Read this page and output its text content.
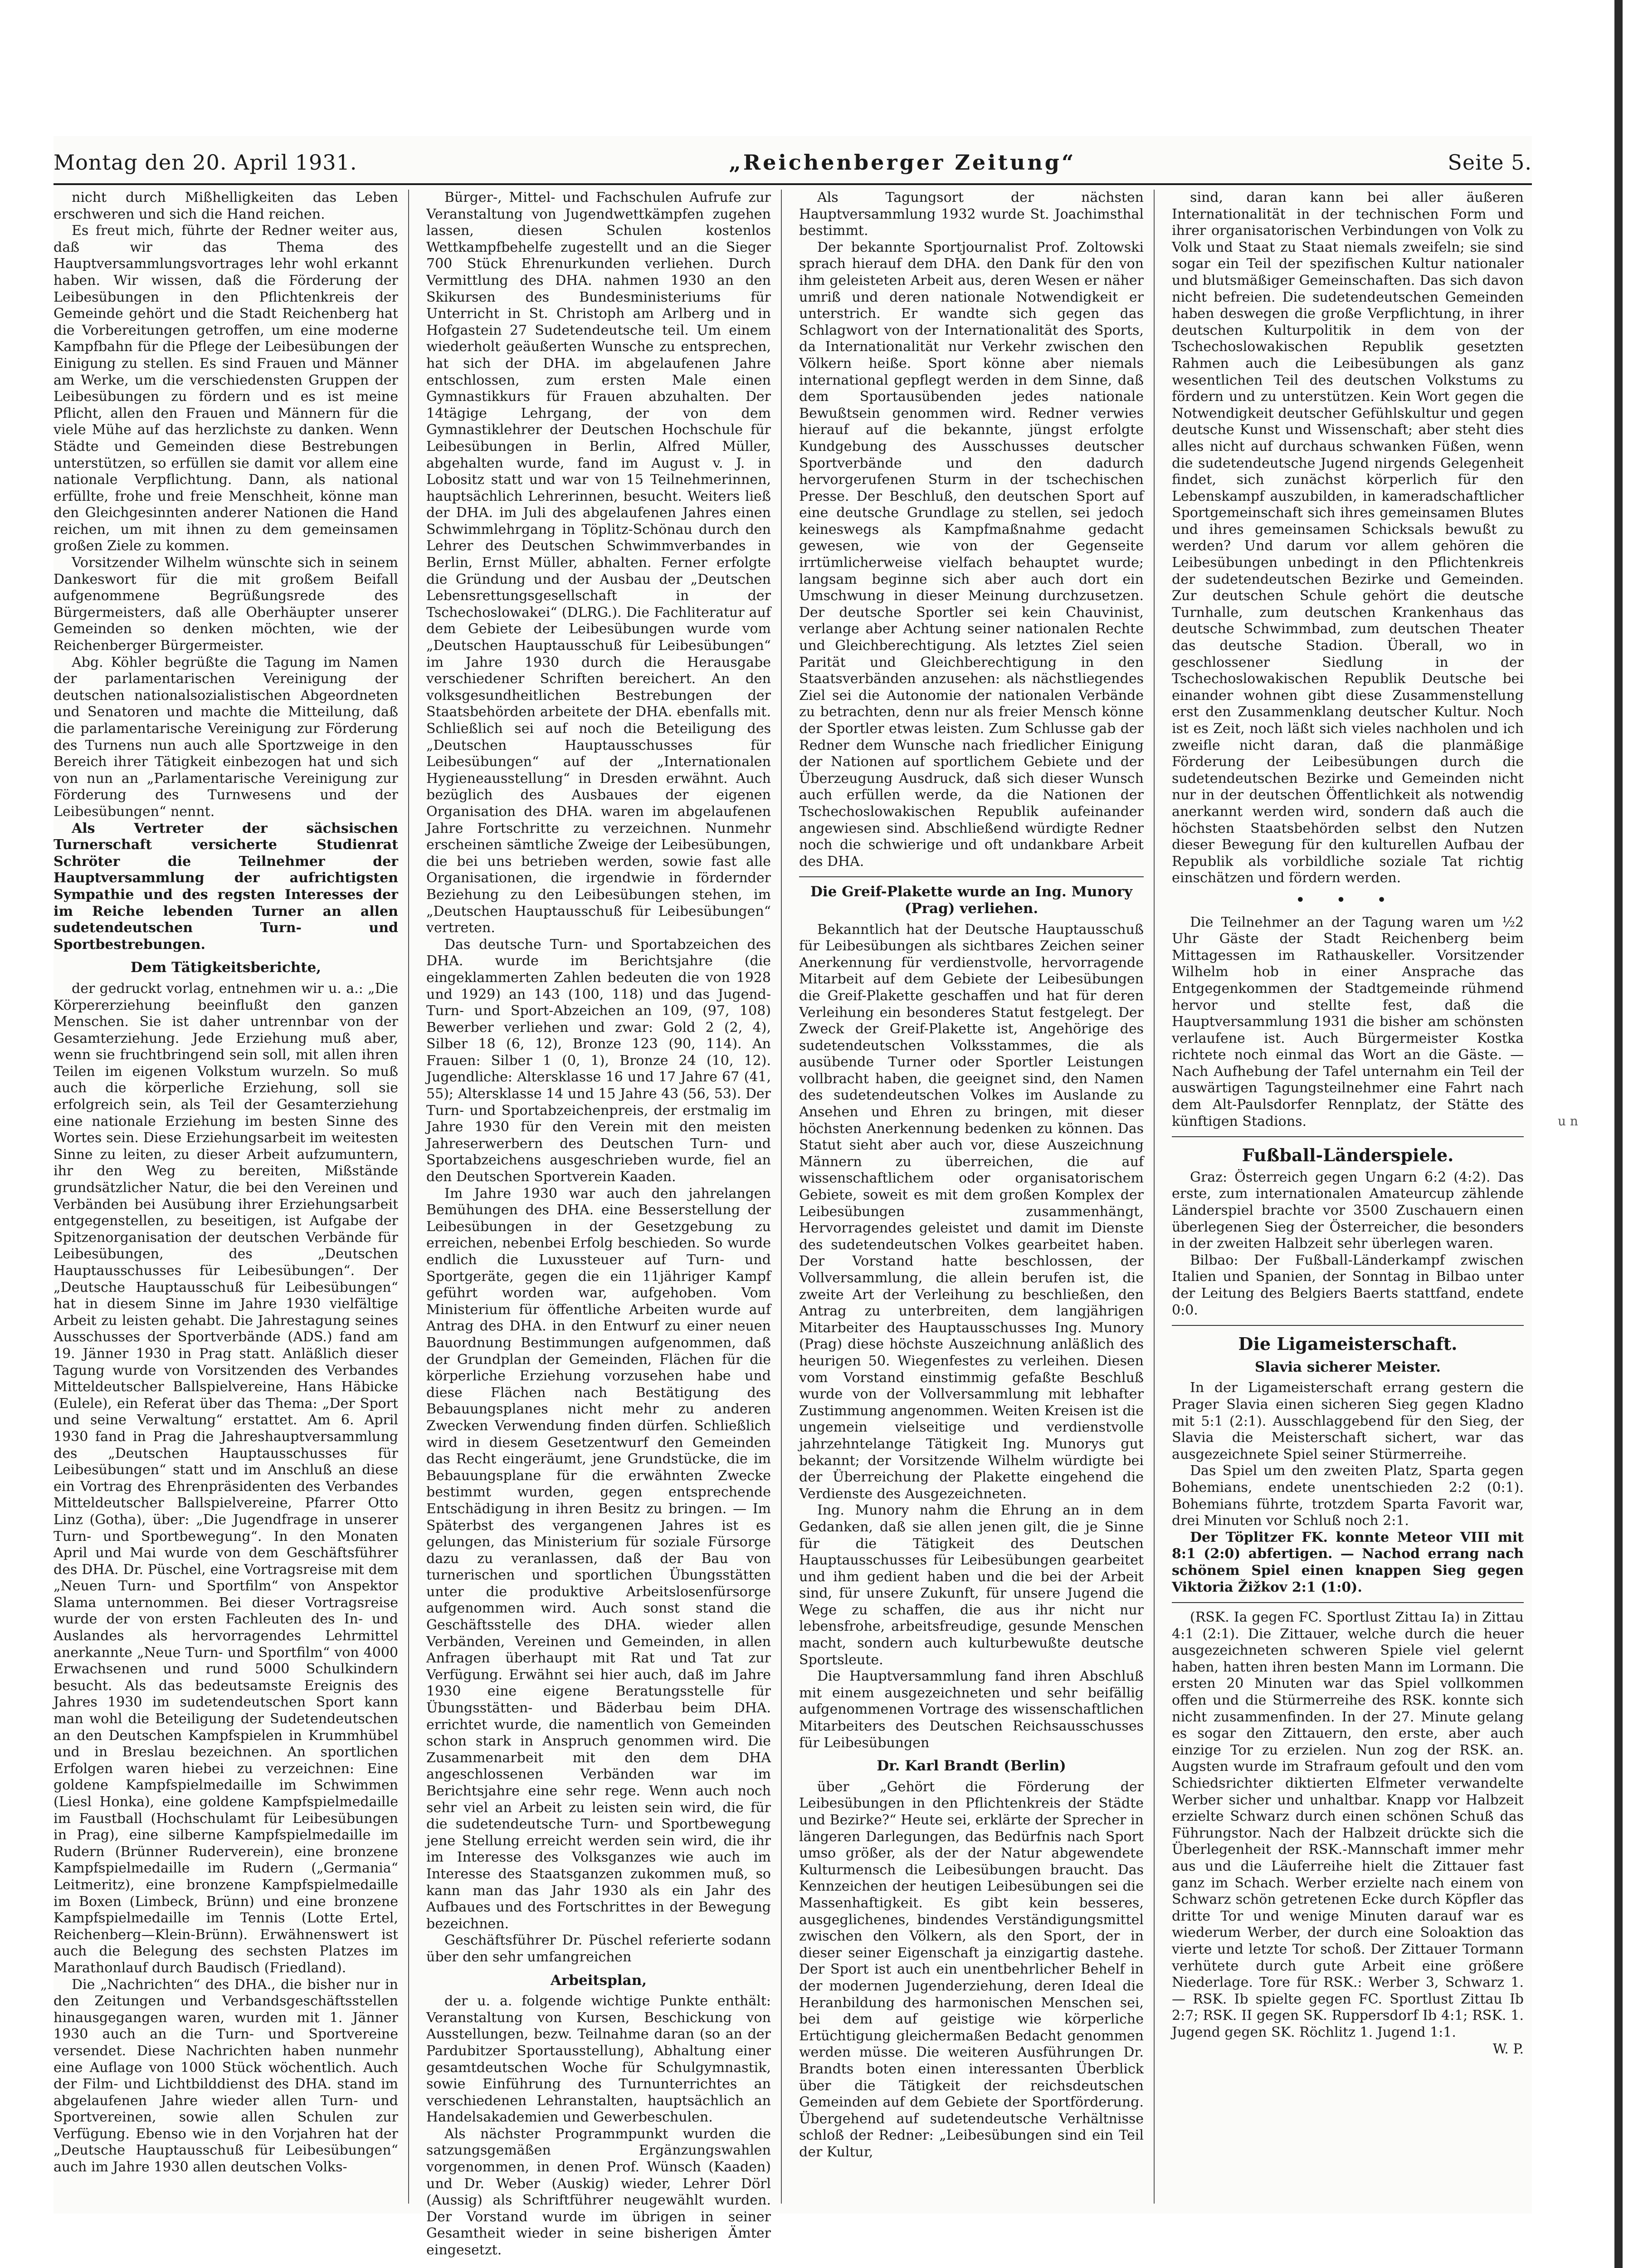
Montag den 20. April 1931.	„Reichenberger Zeitung“	Seite 5.

nicht durch Mißhelligkeiten das Leben erschweren und sich die Hand reichen.

Es freut mich, führte der Redner weiter aus, daß wir das Thema des Hauptversammlungsvortrages lehr wohl erkannt haben. Wir wissen, daß die Förderung der Leibesübungen in den Pflichtenkreis der Gemeinde gehört und die Stadt Reichenberg hat die Vorbereitungen getroffen, um eine moderne Kampfbahn für die Pflege der Leibesübungen der Einigung zu stellen. Es sind Frauen und Männer am Werke, um die verschiedensten Gruppen der Leibesübungen zu fördern und es ist meine Pflicht, allen den Frauen und Männern für die viele Mühe auf das herzlichste zu danken. Wenn Städte und Gemeinden diese Bestrebungen unterstützen, so erfüllen sie damit vor allem eine nationale Verpflichtung. Dann, als national erfüllte, frohe und freie Menschheit, könne man den Gleichgesinnten anderer Nationen die Hand reichen, um mit ihnen zu dem gemeinsamen großen Ziele zu kommen.

Vorsitzender Wilhelm wünschte sich in seinem Dankeswort für die mit großem Beifall aufgenommene Begrüßungsrede des Bürgermeisters, daß alle Oberhäupter unserer Gemeinden so denken möchten, wie der Reichenberger Bürgermeister.

Abg. Köhler begrüßte die Tagung im Namen der parlamentarischen Vereinigung der deutschen nationalsozialistischen Abgeordneten und Senatoren und machte die Mitteilung, daß die parlamentarische Vereinigung zur Förderung des Turnens nun auch alle Sportzweige in den Bereich ihrer Tätigkeit einbezogen hat und sich von nun an „Parlamentarische Vereinigung zur Förderung des Turnwesens und der Leibesübungen“ nennt.

Als Vertreter der sächsischen Turnerschaft versicherte Studienrat Schröter die Teilnehmer der Hauptversammlung der aufrichtigsten Sympathie und des regsten Interesses der im Reiche lebenden Turner an allen sudetendeutschen Turn- und Sportbestrebungen.

Dem Tätigkeitsberichte,

der gedruckt vorlag, entnehmen wir u. a.: „Die Körpererziehung beeinflußt den ganzen Menschen. Sie ist daher untrennbar von der Gesamterziehung. Jede Erziehung muß aber, wenn sie fruchtbringend sein soll, mit allen ihren Teilen im eigenen Volkstum wurzeln. So muß auch die körperliche Erziehung, soll sie erfolgreich sein, als Teil der Gesamterziehung eine nationale Erziehung im besten Sinne des Wortes sein. Diese Erziehungsarbeit im weitesten Sinne zu leiten, zu dieser Arbeit aufzumuntern, ihr den Weg zu bereiten, Mißstände grundsätzlicher Natur, die bei den Vereinen und Verbänden bei Ausübung ihrer Erziehungsarbeit entgegenstellen, zu beseitigen, ist Aufgabe der Spitzenorganisation der deutschen Verbände für Leibesübungen, des „Deutschen Hauptausschusses für Leibesübungen“. Der „Deutsche Hauptausschuß für Leibesübungen“ hat in diesem Sinne im Jahre 1930 vielfältige Arbeit zu leisten gehabt. Die Jahrestagung seines Ausschusses der Sportverbände (ADS.) fand am 19. Jänner 1930 in Prag statt. Anläßlich dieser Tagung wurde von Vorsitzenden des Verbandes Mitteldeutscher Ballspielvereine, Hans Häbicke (Eulele), ein Referat über das Thema: „Der Sport und seine Verwaltung“ erstattet. Am 6. April 1930 fand in Prag die Jahreshauptversammlung des „Deutschen Hauptausschusses für Leibesübungen“ statt und im Anschluß an diese ein Vortrag des Ehrenpräsidenten des Verbandes Mitteldeutscher Ballspielvereine, Pfarrer Otto Linz (Gotha), über: „Die Jugendfrage in unserer Turn- und Sportbewegung“. In den Monaten April und Mai wurde von dem Geschäftsführer des DHA. Dr. Püschel, eine Vortragsreise mit dem „Neuen Turn- und Sportfilm“ von Anspektor Slama unternommen. Bei dieser Vortragsreise wurde der von ersten Fachleuten des In- und Auslandes als hervorragendes Lehrmittel anerkannte „Neue Turn- und Sportfilm“ von 4000 Erwachsenen und rund 5000 Schulkindern besucht. Als das bedeutsamste Ereignis des Jahres 1930 im sudetendeutschen Sport kann man wohl die Beteiligung der Sudetendeutschen an den Deutschen Kampfspielen in Krummhübel und in Breslau bezeichnen. An sportlichen Erfolgen waren hiebei zu verzeichnen: Eine goldene Kampfspielmedaille im Schwimmen (Liesl Honka), eine goldene Kampfspielmedaille im Faustball (Hochschulamt für Leibesübungen in Prag), eine silberne Kampfspielmedaille im Rudern (Brünner Ruderverein), eine bronzene Kampfspielmedaille im Rudern („Germania“ Leitmeritz), eine bronzene Kampfspielmedaille im Boxen (Limbeck, Brünn) und eine bronzene Kampfspielmedaille im Tennis (Lotte Ertel, Reichenberg—Klein-Brünn). Erwähnenswert ist auch die Belegung des sechsten Platzes im Marathonlauf durch Baudisch (Friedland).

Die „Nachrichten“ des DHA., die bisher nur in den Zeitungen und Verbandsgeschäftsstellen hinausgegangen waren, wurden mit 1. Jänner 1930 auch an die Turn- und Sportvereine versendet. Diese Nachrichten haben nunmehr eine Auflage von 1000 Stück wöchentlich. Auch der Film- und Lichtbilddienst des DHA. stand im abgelaufenen Jahre wieder allen Turn- und Sportvereinen, sowie allen Schulen zur Verfügung. Ebenso wie in den Vorjahren hat der „Deutsche Hauptausschuß für Leibesübungen“ auch im Jahre 1930 allen deutschen Volks-

Bürger-, Mittel- und Fachschulen Aufrufe zur Veranstaltung von Jugendwettkämpfen zugehen lassen, diesen Schulen kostenlos Wettkampfbehelfe zugestellt und an die Sieger 700 Stück Ehrenurkunden verliehen. Durch Vermittlung des DHA. nahmen 1930 an den Skikursen des Bundesministeriums für Unterricht in St. Christoph am Arlberg und in Hofgastein 27 Sudetendeutsche teil. Um einem wiederholt geäußerten Wunsche zu entsprechen, hat sich der DHA. im abgelaufenen Jahre entschlossen, zum ersten Male einen Gymnastikkurs für Frauen abzuhalten. Der 14tägige Lehrgang, der von dem Gymnastiklehrer der Deutschen Hochschule für Leibesübungen in Berlin, Alfred Müller, abgehalten wurde, fand im August v. J. in Lobositz statt und war von 15 Teilnehmerinnen, hauptsächlich Lehrerinnen, besucht. Weiters ließ der DHA. im Juli des abgelaufenen Jahres einen Schwimmlehrgang in Töplitz-Schönau durch den Lehrer des Deutschen Schwimmverbandes in Berlin, Ernst Müller, abhalten. Ferner erfolgte die Gründung und der Ausbau der „Deutschen Lebensrettungsgesellschaft in der Tschechoslowakei“ (DLRG.). Die Fachliteratur auf dem Gebiete der Leibesübungen wurde vom „Deutschen Hauptausschuß für Leibesübungen“ im Jahre 1930 durch die Herausgabe verschiedener Schriften bereichert. An den volksgesundheitlichen Bestrebungen der Staatsbehörden arbeitete der DHA. ebenfalls mit. Schließlich sei auf noch die Beteiligung des „Deutschen Hauptausschusses für Leibesübungen“ auf der „Internationalen Hygieneausstellung“ in Dresden erwähnt. Auch bezüglich des Ausbaues der eigenen Organisation des DHA. waren im abgelaufenen Jahre Fortschritte zu verzeichnen. Nunmehr erscheinen sämtliche Zweige der Leibesübungen, die bei uns betrieben werden, sowie fast alle Organisationen, die irgendwie in fördernder Beziehung zu den Leibesübungen stehen, im „Deutschen Hauptausschuß für Leibesübungen“ vertreten.

Das deutsche Turn- und Sportabzeichen des DHA. wurde im Berichtsjahre (die eingeklammerten Zahlen bedeuten die von 1928 und 1929) an 143 (100, 118) und das Jugend-Turn- und Sport-Abzeichen an 109, (97, 108) Bewerber verliehen und zwar: Gold 2 (2, 4), Silber 18 (6, 12), Bronze 123 (90, 114). An Frauen: Silber 1 (0, 1), Bronze 24 (10, 12). Jugendliche: Altersklasse 16 und 17 Jahre 67 (41, 55); Altersklasse 14 und 15 Jahre 43 (56, 53). Der Turn- und Sportabzeichenpreis, der erstmalig im Jahre 1930 für den Verein mit den meisten Jahreserwerbern des Deutschen Turn- und Sportabzeichens ausgeschrieben wurde, fiel an den Deutschen Sportverein Kaaden.

Im Jahre 1930 war auch den jahrelangen Bemühungen des DHA. eine Besserstellung der Leibesübungen in der Gesetzgebung zu erreichen, nebenbei Erfolg beschieden. So wurde endlich die Luxussteuer auf Turn- und Sportgeräte, gegen die ein 11jähriger Kampf geführt worden war, aufgehoben. Vom Ministerium für öffentliche Arbeiten wurde auf Antrag des DHA. in den Entwurf zu einer neuen Bauordnung Bestimmungen aufgenommen, daß der Grundplan der Gemeinden, Flächen für die körperliche Erziehung vorzusehen habe und diese Flächen nach Bestätigung des Bebauungsplanes nicht mehr zu anderen Zwecken Verwendung finden dürfen. Schließlich wird in diesem Gesetzentwurf den Gemeinden das Recht eingeräumt, jene Grundstücke, die im Bebauungsplane für die erwähnten Zwecke bestimmt wurden, gegen entsprechende Entschädigung in ihren Besitz zu bringen. — Im Späterbst des vergangenen Jahres ist es gelungen, das Ministerium für soziale Fürsorge dazu zu veranlassen, daß der Bau von turnerischen und sportlichen Übungsstätten unter die produktive Arbeitslosenfürsorge aufgenommen wird. Auch sonst stand die Geschäftsstelle des DHA. wieder allen Verbänden, Vereinen und Gemeinden, in allen Anfragen überhaupt mit Rat und Tat zur Verfügung. Erwähnt sei hier auch, daß im Jahre 1930 eine eigene Beratungsstelle für Übungsstätten- und Bäderbau beim DHA. errichtet wurde, die namentlich von Gemeinden schon stark in Anspruch genommen wird. Die Zusammenarbeit mit den dem DHA angeschlossenen Verbänden war im Berichtsjahre eine sehr rege. Wenn auch noch sehr viel an Arbeit zu leisten sein wird, die für die sudetendeutsche Turn- und Sportbewegung jene Stellung erreicht werden sein wird, die ihr im Interesse des Volksganzes wie auch im Interesse des Staatsganzen zukommen muß, so kann man das Jahr 1930 als ein Jahr des Aufbaues und des Fortschrittes in der Bewegung bezeichnen.

Geschäftsführer Dr. Püschel referierte sodann über den sehr umfangreichen

Arbeitsplan,

der u. a. folgende wichtige Punkte enthält: Veranstaltung von Kursen, Beschickung von Ausstellungen, bezw. Teilnahme daran (so an der Pardubitzer Sportausstellung), Abhaltung einer gesamtdeutschen Woche für Schulgymnastik, sowie Einführung des Turnunterrichtes an verschiedenen Lehranstalten, hauptsächlich an Handelsakademien und Gewerbeschulen.

Als nächster Programmpunkt wurden die satzungsgemäßen Ergänzungswahlen vorgenommen, in denen Prof. Wünsch (Kaaden) und Dr. Weber (Auskig) wieder, Lehrer Dörl (Aussig) als Schriftführer neugewählt wurden. Der Vorstand wurde im übrigen in seiner Gesamtheit wieder in seine bisherigen Ämter eingesetzt.

Als Tagungsort der nächsten Hauptversammlung 1932 wurde St. Joachimsthal bestimmt.

Der bekannte Sportjournalist Prof. Zoltowski sprach hierauf dem DHA. den Dank für den von ihm geleisteten Arbeit aus, deren Wesen er näher umriß und deren nationale Notwendigkeit er unterstrich. Er wandte sich gegen das Schlagwort von der Internationalität des Sports, da Internationalität nur Verkehr zwischen den Völkern heiße. Sport könne aber niemals international gepflegt werden in dem Sinne, daß dem Sportausübenden jedes nationale Bewußtsein genommen wird. Redner verwies hierauf auf die bekannte, jüngst erfolgte Kundgebung des Ausschusses deutscher Sportverbände und den dadurch hervorgerufenen Sturm in der tschechischen Presse. Der Beschluß, den deutschen Sport auf eine deutsche Grundlage zu stellen, sei jedoch keineswegs als Kampfmaßnahme gedacht gewesen, wie von der Gegenseite irrtümlicherweise vielfach behauptet wurde; langsam beginne sich aber auch dort ein Umschwung in dieser Meinung durchzusetzen. Der deutsche Sportler sei kein Chauvinist, verlange aber Achtung seiner nationalen Rechte und Gleichberechtigung. Als letztes Ziel seien Parität und Gleichberechtigung in den Staatsverbänden anzusehen: als nächstliegendes Ziel sei die Autonomie der nationalen Verbände zu betrachten, denn nur als freier Mensch könne der Sportler etwas leisten. Zum Schlusse gab der Redner dem Wunsche nach friedlicher Einigung der Nationen auf sportlichem Gebiete und der Überzeugung Ausdruck, daß sich dieser Wunsch auch erfüllen werde, da die Nationen der Tschechoslowakischen Republik aufeinander angewiesen sind. Abschließend würdigte Redner noch die schwierige und oft undankbare Arbeit des DHA.

Die Greif-Plakette wurde an Ing. Munory (Prag) verliehen.

Bekanntlich hat der Deutsche Hauptausschuß für Leibesübungen als sichtbares Zeichen seiner Anerkennung für verdienstvolle, hervorragende Mitarbeit auf dem Gebiete der Leibesübungen die Greif-Plakette geschaffen und hat für deren Verleihung ein besonderes Statut festgelegt. Der Zweck der Greif-Plakette ist, Angehörige des sudetendeutschen Volksstammes, die als ausübende Turner oder Sportler Leistungen vollbracht haben, die geeignet sind, den Namen des sudetendeutschen Volkes im Auslande zu Ansehen und Ehren zu bringen, mit dieser höchsten Anerkennung bedenken zu können. Das Statut sieht aber auch vor, diese Auszeichnung Männern zu überreichen, die auf wissenschaftlichem oder organisatorischem Gebiete, soweit es mit dem großen Komplex der Leibesübungen zusammenhängt, Hervorragendes geleistet und damit im Dienste des sudetendeutschen Volkes gearbeitet haben. Der Vorstand hatte beschlossen, der Vollversammlung, die allein berufen ist, die zweite Art der Verleihung zu beschließen, den Antrag zu unterbreiten, dem langjährigen Mitarbeiter des Hauptausschusses Ing. Munory (Prag) diese höchste Auszeichnung anläßlich des heurigen 50. Wiegenfestes zu verleihen. Diesen vom Vorstand einstimmig gefaßte Beschluß wurde von der Vollversammlung mit lebhafter Zustimmung angenommen. Weiten Kreisen ist die ungemein vielseitige und verdienstvolle jahrzehntelange Tätigkeit Ing. Munorys gut bekannt; der Vorsitzende Wilhelm würdigte bei der Überreichung der Plakette eingehend die Verdienste des Ausgezeichneten.

Ing. Munory nahm die Ehrung an in dem Gedanken, daß sie allen jenen gilt, die je Sinne für die Tätigkeit des Deutschen Hauptausschusses für Leibesübungen gearbeitet und ihm gedient haben und die bei der Arbeit sind, für unsere Zukunft, für unsere Jugend die Wege zu schaffen, die aus ihr nicht nur lebensfrohe, arbeitsfreudige, gesunde Menschen macht, sondern auch kulturbewußte deutsche Sportsleute.

Die Hauptversammlung fand ihren Abschluß mit einem ausgezeichneten und sehr beifällig aufgenommenen Vortrage des wissenschaftlichen Mitarbeiters des Deutschen Reichsausschusses für Leibesübungen

Dr. Karl Brandt (Berlin)

über „Gehört die Förderung der Leibesübungen in den Pflichtenkreis der Städte und Bezirke?“ Heute sei, erklärte der Sprecher in längeren Darlegungen, das Bedürfnis nach Sport umso größer, als der der Natur abgewendete Kulturmensch die Leibesübungen braucht. Das Kennzeichen der heutigen Leibesübungen sei die Massenhaftigkeit. Es gibt kein besseres, ausgeglichenes, bindendes Verständigungsmittel zwischen den Völkern, als den Sport, der in dieser seiner Eigenschaft ja einzigartig dastehe. Der Sport ist auch ein unentbehrlicher Behelf in der modernen Jugenderziehung, deren Ideal die Heranbildung des harmonischen Menschen sei, bei dem auf geistige wie körperliche Ertüchtigung gleichermaßen Bedacht genommen werden müsse. Die weiteren Ausführungen Dr. Brandts boten einen interessanten Überblick über die Tätigkeit der reichsdeutschen Gemeinden auf dem Gebiete der Sportförderung. Übergehend auf sudetendeutsche Verhältnisse schloß der Redner: „Leibesübungen sind ein Teil der Kultur,

sind, daran kann bei aller äußeren Internationalität in der technischen Form und ihrer organisatorischen Verbindungen von Volk zu Volk und Staat zu Staat niemals zweifeln; sie sind sogar ein Teil der spezifischen Kultur nationaler und blutsmäßiger Gemeinschaften. Das sich davon nicht befreien. Die sudetendeutschen Gemeinden haben deswegen die große Verpflichtung, in ihrer deutschen Kulturpolitik in dem von der Tschechoslowakischen Republik gesetzten Rahmen auch die Leibesübungen als ganz wesentlichen Teil des deutschen Volkstums zu fördern und zu unterstützen. Kein Wort gegen die Notwendigkeit deutscher Gefühlskultur und gegen deutsche Kunst und Wissenschaft; aber steht dies alles nicht auf durchaus schwanken Füßen, wenn die sudetendeutsche Jugend nirgends Gelegenheit findet, sich zunächst körperlich für den Lebenskampf auszubilden, in kameradschaftlicher Sportgemeinschaft sich ihres gemeinsamen Blutes und ihres gemeinsamen Schicksals bewußt zu werden? Und darum vor allem gehören die Leibesübungen unbedingt in den Pflichtenkreis der sudetendeutschen Bezirke und Gemeinden. Zur deutschen Schule gehört die deutsche Turnhalle, zum deutschen Krankenhaus das deutsche Schwimmbad, zum deutschen Theater das deutsche Stadion. Überall, wo in geschlossener Siedlung in der Tschechoslowakischen Republik Deutsche bei einander wohnen gibt diese Zusammenstellung erst den Zusammenklang deutscher Kultur. Noch ist es Zeit, noch läßt sich vieles nachholen und ich zweifle nicht daran, daß die planmäßige Förderung der Leibesübungen durch die sudetendeutschen Bezirke und Gemeinden nicht nur in der deutschen Öffentlichkeit als notwendig anerkannt werden wird, sondern daß auch die höchsten Staatsbehörden selbst den Nutzen dieser Bewegung für den kulturellen Aufbau der Republik als vorbildliche soziale Tat richtig einschätzen und fördern werden.

• • •

Die Teilnehmer an der Tagung waren um ½2 Uhr Gäste der Stadt Reichenberg beim Mittagessen im Rathauskeller. Vorsitzender Wilhelm hob in einer Ansprache das Entgegenkommen der Stadtgemeinde rühmend hervor und stellte fest, daß die Hauptversammlung 1931 die bisher am schönsten verlaufene ist. Auch Bürgermeister Kostka richtete noch einmal das Wort an die Gäste. — Nach Aufhebung der Tafel unternahm ein Teil der auswärtigen Tagungsteilnehmer eine Fahrt nach dem Alt-Paulsdorfer Rennplatz, der Stätte des künftigen Stadions.

Fußball-Länderspiele.

Graz: Österreich gegen Ungarn 6:2 (4:2). Das erste, zum internationalen Amateurcup zählende Länderspiel brachte vor 3500 Zuschauern einen überlegenen Sieg der Österreicher, die besonders in der zweiten Halbzeit sehr überlegen waren.

Bilbao: Der Fußball-Länderkampf zwischen Italien und Spanien, der Sonntag in Bilbao unter der Leitung des Belgiers Baerts stattfand, endete 0:0.

Die Ligameisterschaft.

Slavia sicherer Meister.

In der Ligameisterschaft errang gestern die Prager Slavia einen sicheren Sieg gegen Kladno mit 5:1 (2:1). Ausschlaggebend für den Sieg, der Slavia die Meisterschaft sichert, war das ausgezeichnete Spiel seiner Stürmerreihe.

Das Spiel um den zweiten Platz, Sparta gegen Bohemians, endete unentschieden 2:2 (0:1). Bohemians führte, trotzdem Sparta Favorit war, drei Minuten vor Schluß noch 2:1.

Der Töplitzer FK. konnte Meteor VIII mit 8:1 (2:0) abfertigen. — Nachod errang nach schönem Spiel einen knappen Sieg gegen Viktoria Žižkov 2:1 (1:0).

(RSK. Ia gegen FC. Sportlust Zittau Ia) in Zittau 4:1 (2:1). Die Zittauer, welche durch die heuer ausgezeichneten schweren Spiele viel gelernt haben, hatten ihren besten Mann im Lormann. Die ersten 20 Minuten war das Spiel vollkommen offen und die Stürmerreihe des RSK. konnte sich nicht zusammenfinden. In der 27. Minute gelang es sogar den Zittauern, den erste, aber auch einzige Tor zu erzielen. Nun zog der RSK. an. Augsten wurde im Strafraum gefoult und den vom Schiedsrichter diktierten Elfmeter verwandelte Werber sicher und unhaltbar. Knapp vor Halbzeit erzielte Schwarz durch einen schönen Schuß das Führungstor. Nach der Halbzeit drückte sich die Überlegenheit der RSK.-Mannschaft immer mehr aus und die Läuferreihe hielt die Zittauer fast ganz im Schach. Werber erzielte nach einem von Schwarz schön getretenen Ecke durch Köpfler das dritte Tor und wenige Minuten darauf war es wiederum Werber, der durch eine Solоaktion das vierte und letzte Tor schoß. Der Zittauer Tormann verhütete durch gute Arbeit eine größere Niederlage. Tore für RSK.: Werber 3, Schwarz 1. — RSK. Ib spielte gegen FC. Sportlust Zittau Ib 2:7; RSK. II gegen SK. Ruppersdorf Ib 4:1; RSK. 1. Jugend gegen SK. Röchlitz 1. Jugend 1:1.

W. P.

u n
